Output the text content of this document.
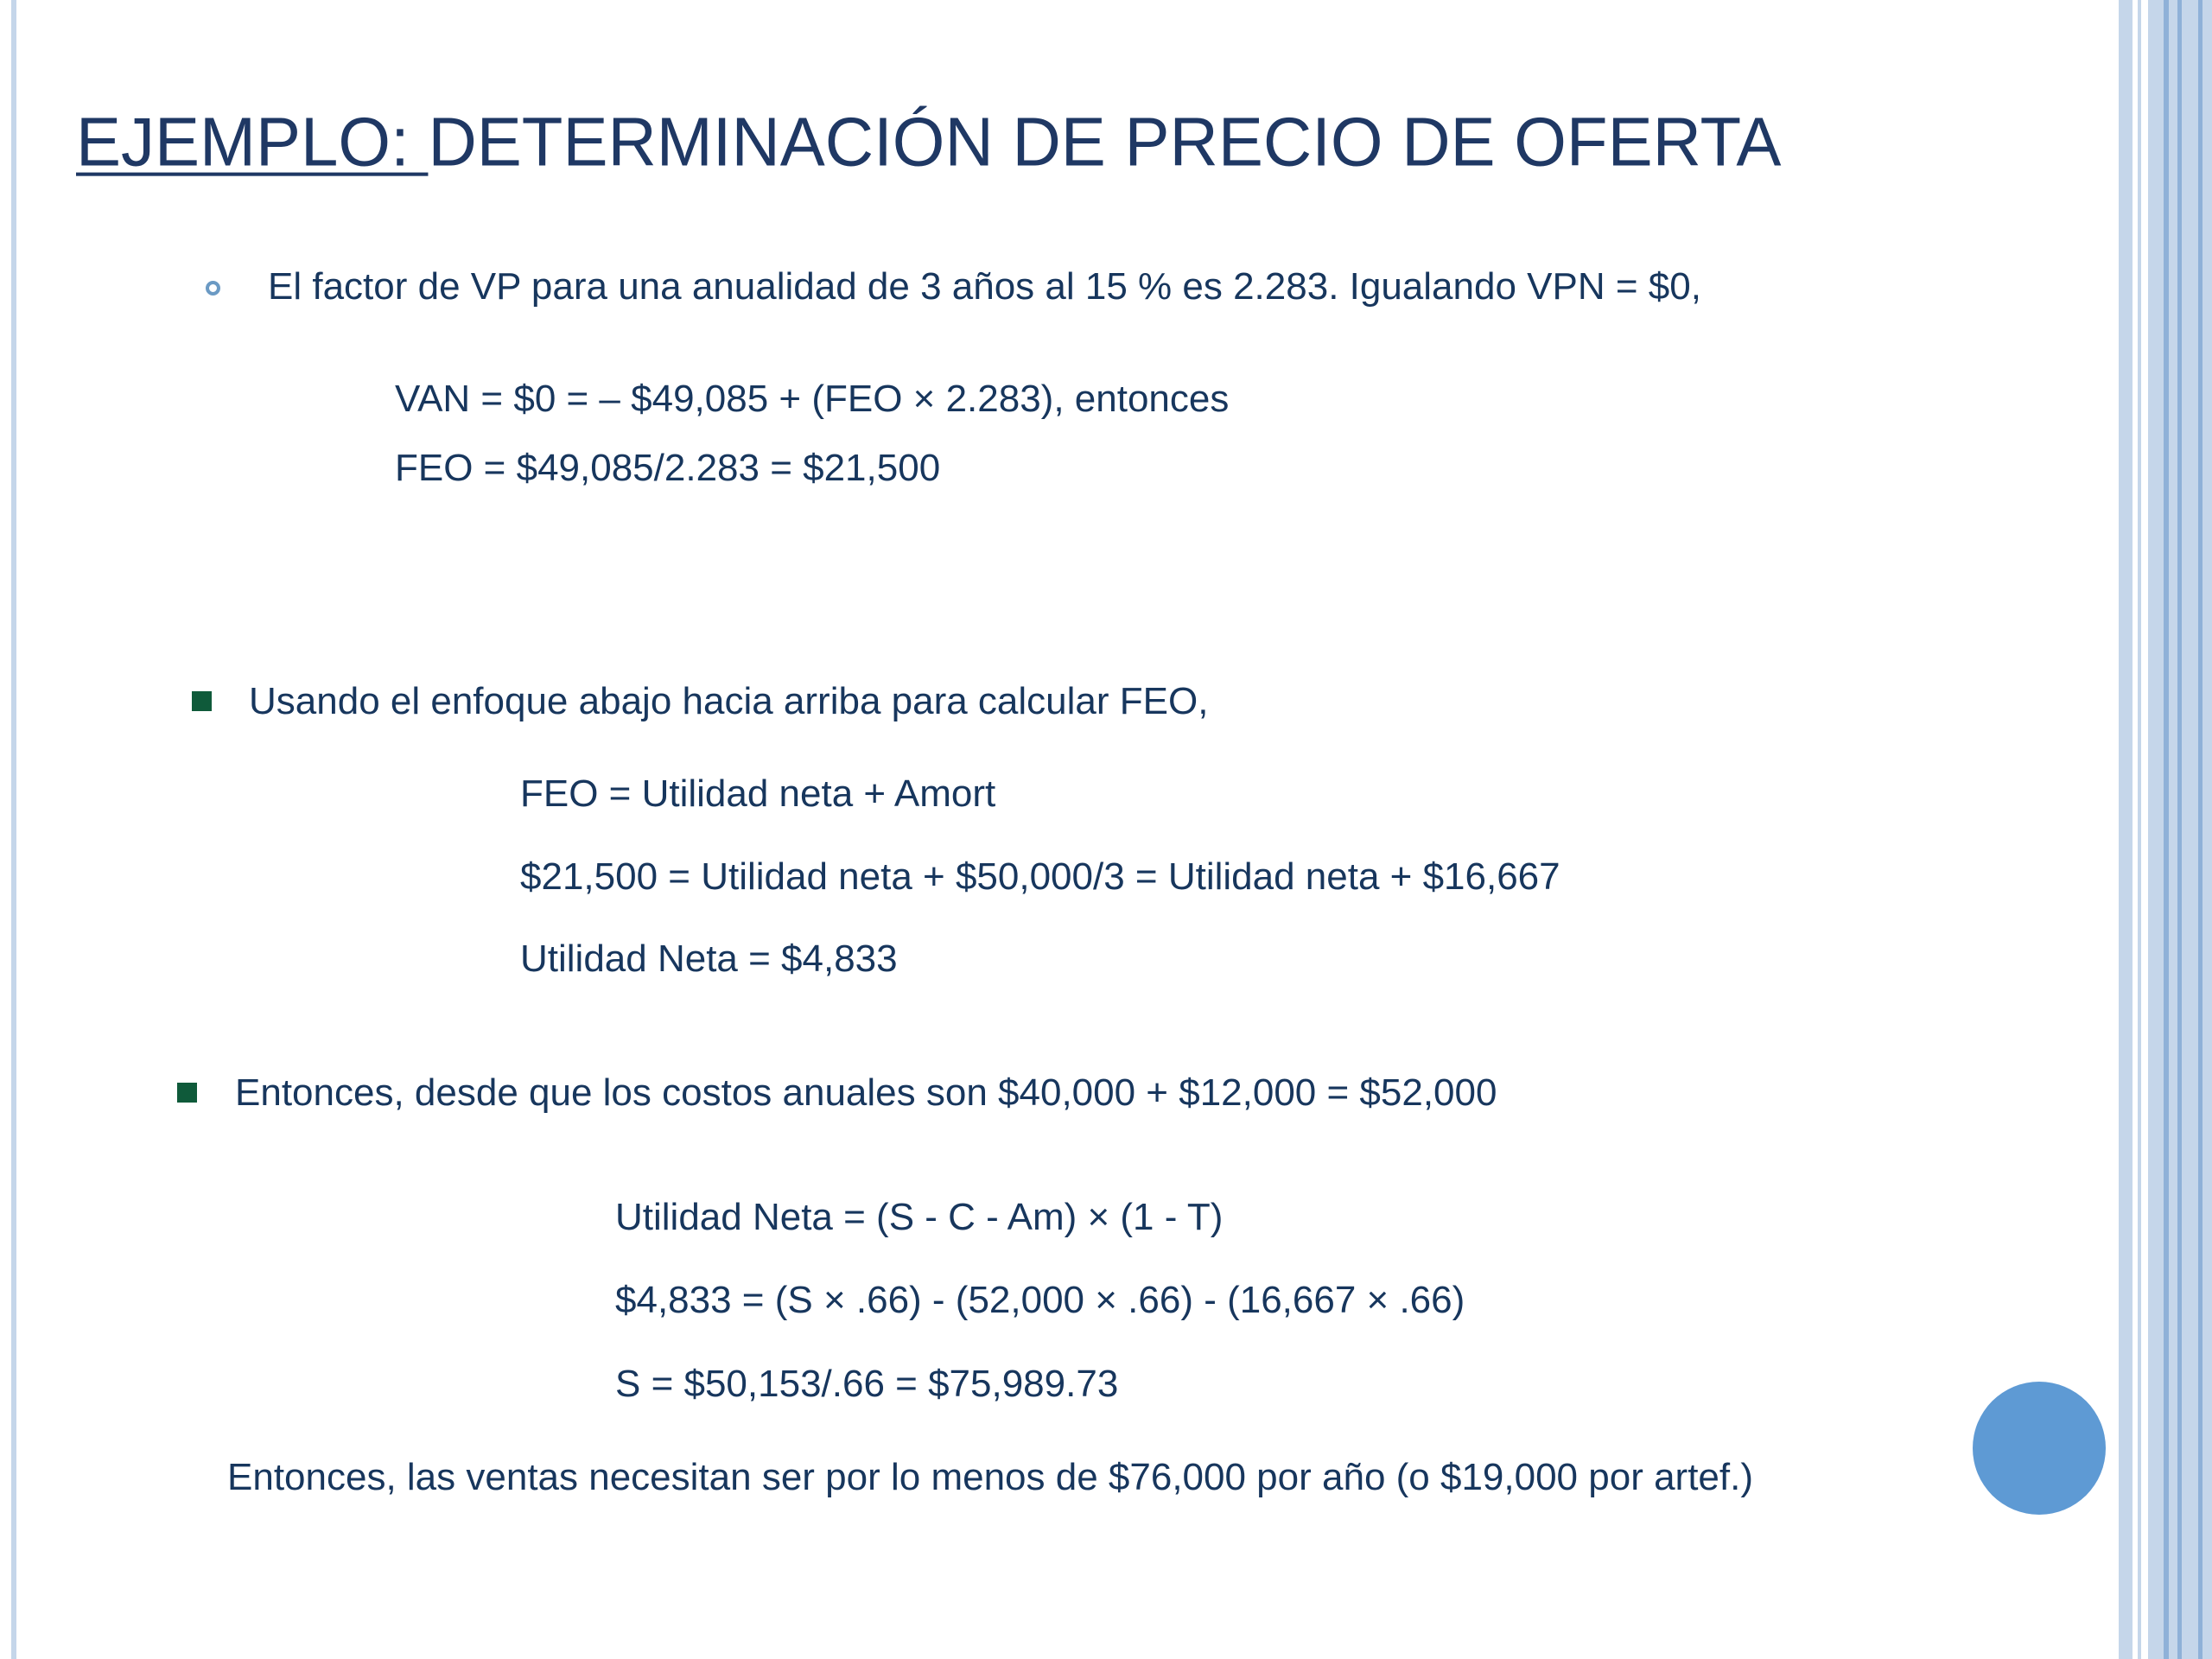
EJEMPLO: DETERMINACIÓN DE PRECIO DE OFERTA

El factor de VP para una anualidad de 3 años al 15 % es 2.283. Igualando VPN = $0,

VAN = $0 = – $49,085 + (FEO × 2.283), entonces

FEO = $49,085/2.283 = $21,500

Usando el enfoque abajo hacia arriba para calcular FEO,

FEO = Utilidad neta + Amort

$21,500 = Utilidad neta + $50,000/3 = Utilidad neta + $16,667

Utilidad Neta = $4,833

Entonces, desde que los costos anuales son $40,000 + $12,000 = $52,000

Utilidad Neta = (S - C - Am) × (1 - T)

$4,833 = (S × .66) - (52,000 × .66) - (16,667 × .66)

S = $50,153/.66 = $75,989.73

Entonces, las ventas necesitan ser por lo menos de $76,000 por año (o $19,000 por artef.)
